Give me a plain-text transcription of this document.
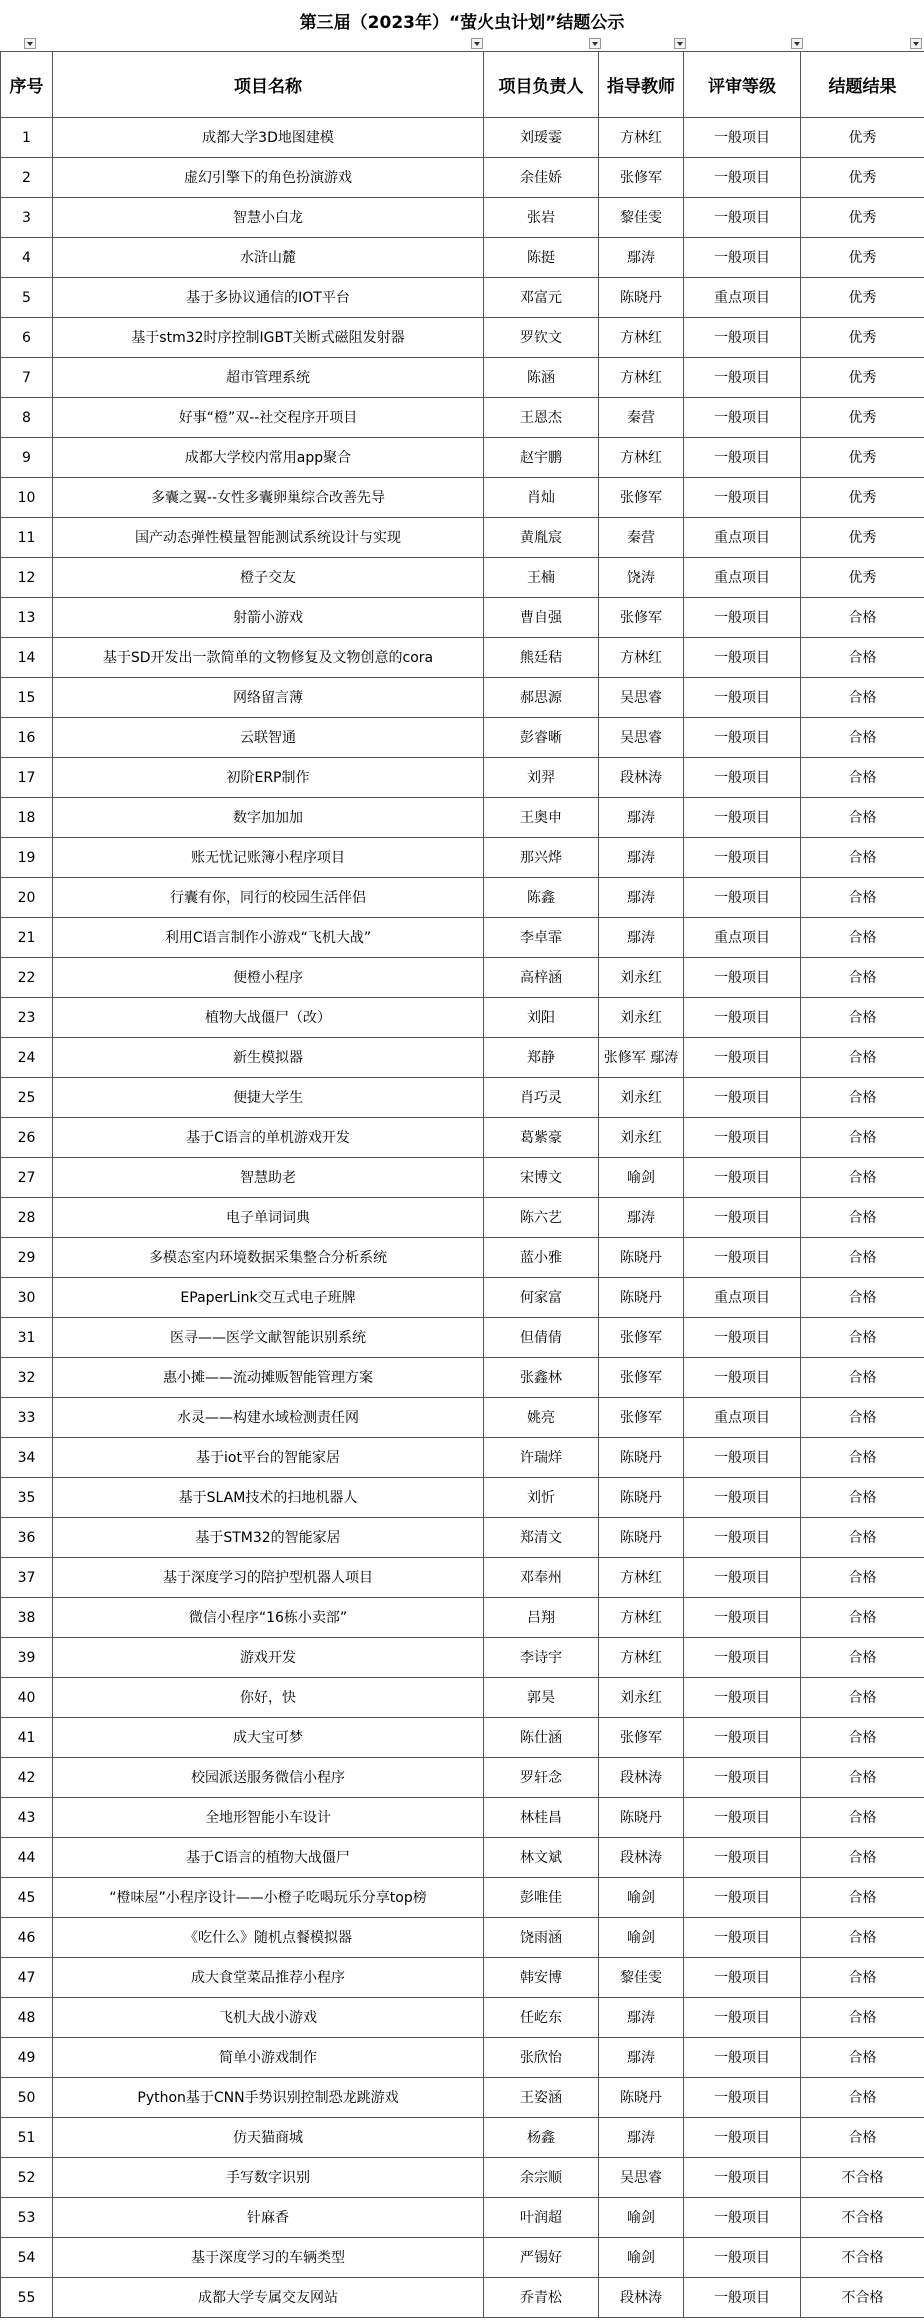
第三届（2023年）“萤火虫计划”结题公示
序号	项目名称	项目负责人	指导教师	评审等级	结题结果
1	成都大学3D地图建模	刘瑷霎	方林红	一般项目	优秀
2	虚幻引擎下的角色扮演游戏	余佳娇	张修军	一般项目	优秀
3	智慧小白龙	张岩	黎佳雯	一般项目	优秀
4	水浒山麓	陈挺	鄢涛	一般项目	优秀
5	基于多协议通信的IOT平台	邓富元	陈晓丹	重点项目	优秀
6	基于stm32时序控制IGBT关断式磁阻发射器	罗钦文	方林红	一般项目	优秀
7	超市管理系统	陈涵	方林红	一般项目	优秀
8	好事“橙”双--社交程序开项目	王恩杰	秦营	一般项目	优秀
9	成都大学校内常用app聚合	赵宇鹏	方林红	一般项目	优秀
10	多囊之翼--女性多囊卵巢综合改善先导	肖灿	张修军	一般项目	优秀
11	国产动态弹性模量智能测试系统设计与实现	黄胤宸	秦营	重点项目	优秀
12	橙子交友	王楠	饶涛	重点项目	优秀
13	射箭小游戏	曹自强	张修军	一般项目	合格
14	基于SD开发出一款简单的文物修复及文物创意的cora	熊廷秸	方林红	一般项目	合格
15	网络留言薄	郝思源	吴思睿	一般项目	合格
16	云联智通	彭睿晰	吴思睿	一般项目	合格
17	初阶ERP制作	刘羿	段林涛	一般项目	合格
18	数字加加加	王奥申	鄢涛	一般项目	合格
19	账无忧记账簿小程序项目	那兴烨	鄢涛	一般项目	合格
20	行囊有你，同行的校园生活伴侣	陈鑫	鄢涛	一般项目	合格
21	利用C语言制作小游戏“飞机大战”	李卓霏	鄢涛	重点项目	合格
22	便橙小程序	高梓涵	刘永红	一般项目	合格
23	植物大战僵尸（改）	刘阳	刘永红	一般项目	合格
24	新生模拟器	郑静	张修军 鄢涛	一般项目	合格
25	便捷大学生	肖巧灵	刘永红	一般项目	合格
26	基于C语言的单机游戏开发	葛紫豪	刘永红	一般项目	合格
27	智慧助老	宋博文	喻剑	一般项目	合格
28	电子单词词典	陈六艺	鄢涛	一般项目	合格
29	多模态室内环境数据采集整合分析系统	蓝小雅	陈晓丹	一般项目	合格
30	EPaperLink交互式电子班牌	何家富	陈晓丹	重点项目	合格
31	医寻——医学文献智能识别系统	但倩倩	张修军	一般项目	合格
32	惠小摊——流动摊贩智能管理方案	张鑫林	张修军	一般项目	合格
33	水灵——构建水域检测责任网	姚亮	张修军	重点项目	合格
34	基于iot平台的智能家居	许瑞烊	陈晓丹	一般项目	合格
35	基于SLAM技术的扫地机器人	刘忻	陈晓丹	一般项目	合格
36	基于STM32的智能家居	郑清文	陈晓丹	一般项目	合格
37	基于深度学习的陪护型机器人项目	邓奉州	方林红	一般项目	合格
38	微信小程序“16栋小卖部”	吕翔	方林红	一般项目	合格
39	游戏开发	李诗宇	方林红	一般项目	合格
40	你好，快	郭昊	刘永红	一般项目	合格
41	成大宝可梦	陈仕涵	张修军	一般项目	合格
42	校园派送服务微信小程序	罗轩念	段林涛	一般项目	合格
43	全地形智能小车设计	林桂昌	陈晓丹	一般项目	合格
44	基于C语言的植物大战僵尸	林文斌	段林涛	一般项目	合格
45	“橙味屋”小程序设计——小橙子吃喝玩乐分享top榜	彭唯佳	喻剑	一般项目	合格
46	《吃什么》随机点餐模拟器	饶雨涵	喻剑	一般项目	合格
47	成大食堂菜品推荐小程序	韩安博	黎佳雯	一般项目	合格
48	飞机大战小游戏	任屹东	鄢涛	一般项目	合格
49	简单小游戏制作	张欣怡	鄢涛	一般项目	合格
50	Python基于CNN手势识别控制恐龙跳游戏	王姿涵	陈晓丹	一般项目	合格
51	仿天猫商城	杨鑫	鄢涛	一般项目	合格
52	手写数字识别	余宗顺	吴思睿	一般项目	不合格
53	针麻香	叶润超	喻剑	一般项目	不合格
54	基于深度学习的车辆类型	严锡好	喻剑	一般项目	不合格
55	成都大学专属交友网站	乔青松	段林涛	一般项目	不合格
